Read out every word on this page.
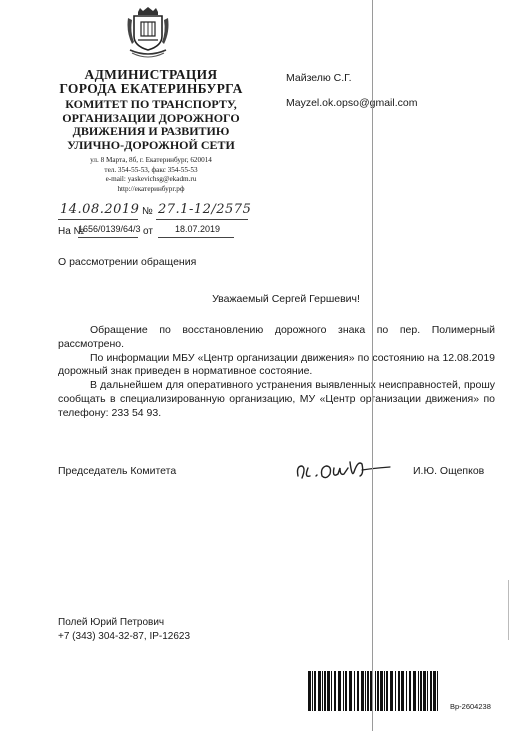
АДМИНИСТРАЦИЯ
ГОРОДА ЕКАТЕРИНБУРГА
КОМИТЕТ ПО ТРАНСПОРТУ,
ОРГАНИЗАЦИИ ДОРОЖНОГО
ДВИЖЕНИЯ И РАЗВИТИЮ
УЛИЧНО-ДОРОЖНОЙ СЕТИ
ул. 8 Марта, 8б, г. Екатеринбург, 620014
тел. 354-55-53, факс 354-55-53
e-mail: yaskevichsg@ekadm.ru
http://екатеринбург.рф
Майзелю С.Г.
Mayzel.ok.opso@gmail.com
14.08.2019 № 27.1-12/2575
На №
1656/0139/64/3 от 18.07.2019
О рассмотрении обращения
Уважаемый Сергей Гершевич!

Обращение по восстановлению дорожного знака по пер. Полимерный рассмотрено.

По информации МБУ «Центр организации движения» по состоянию на 12.08.2019 дорожный знак приведен в нормативное состояние.

В дальнейшем для оперативного устранения выявленных неисправностей, прошу сообщать в специализированную организацию, МУ «Центр организации движения» по телефону: 233 54 93.

Председатель Комитета	И.Ю. Ощепков
Полей Юрий Петрович
+7 (343) 304-32-87, IP-12623
Вр-2604238
